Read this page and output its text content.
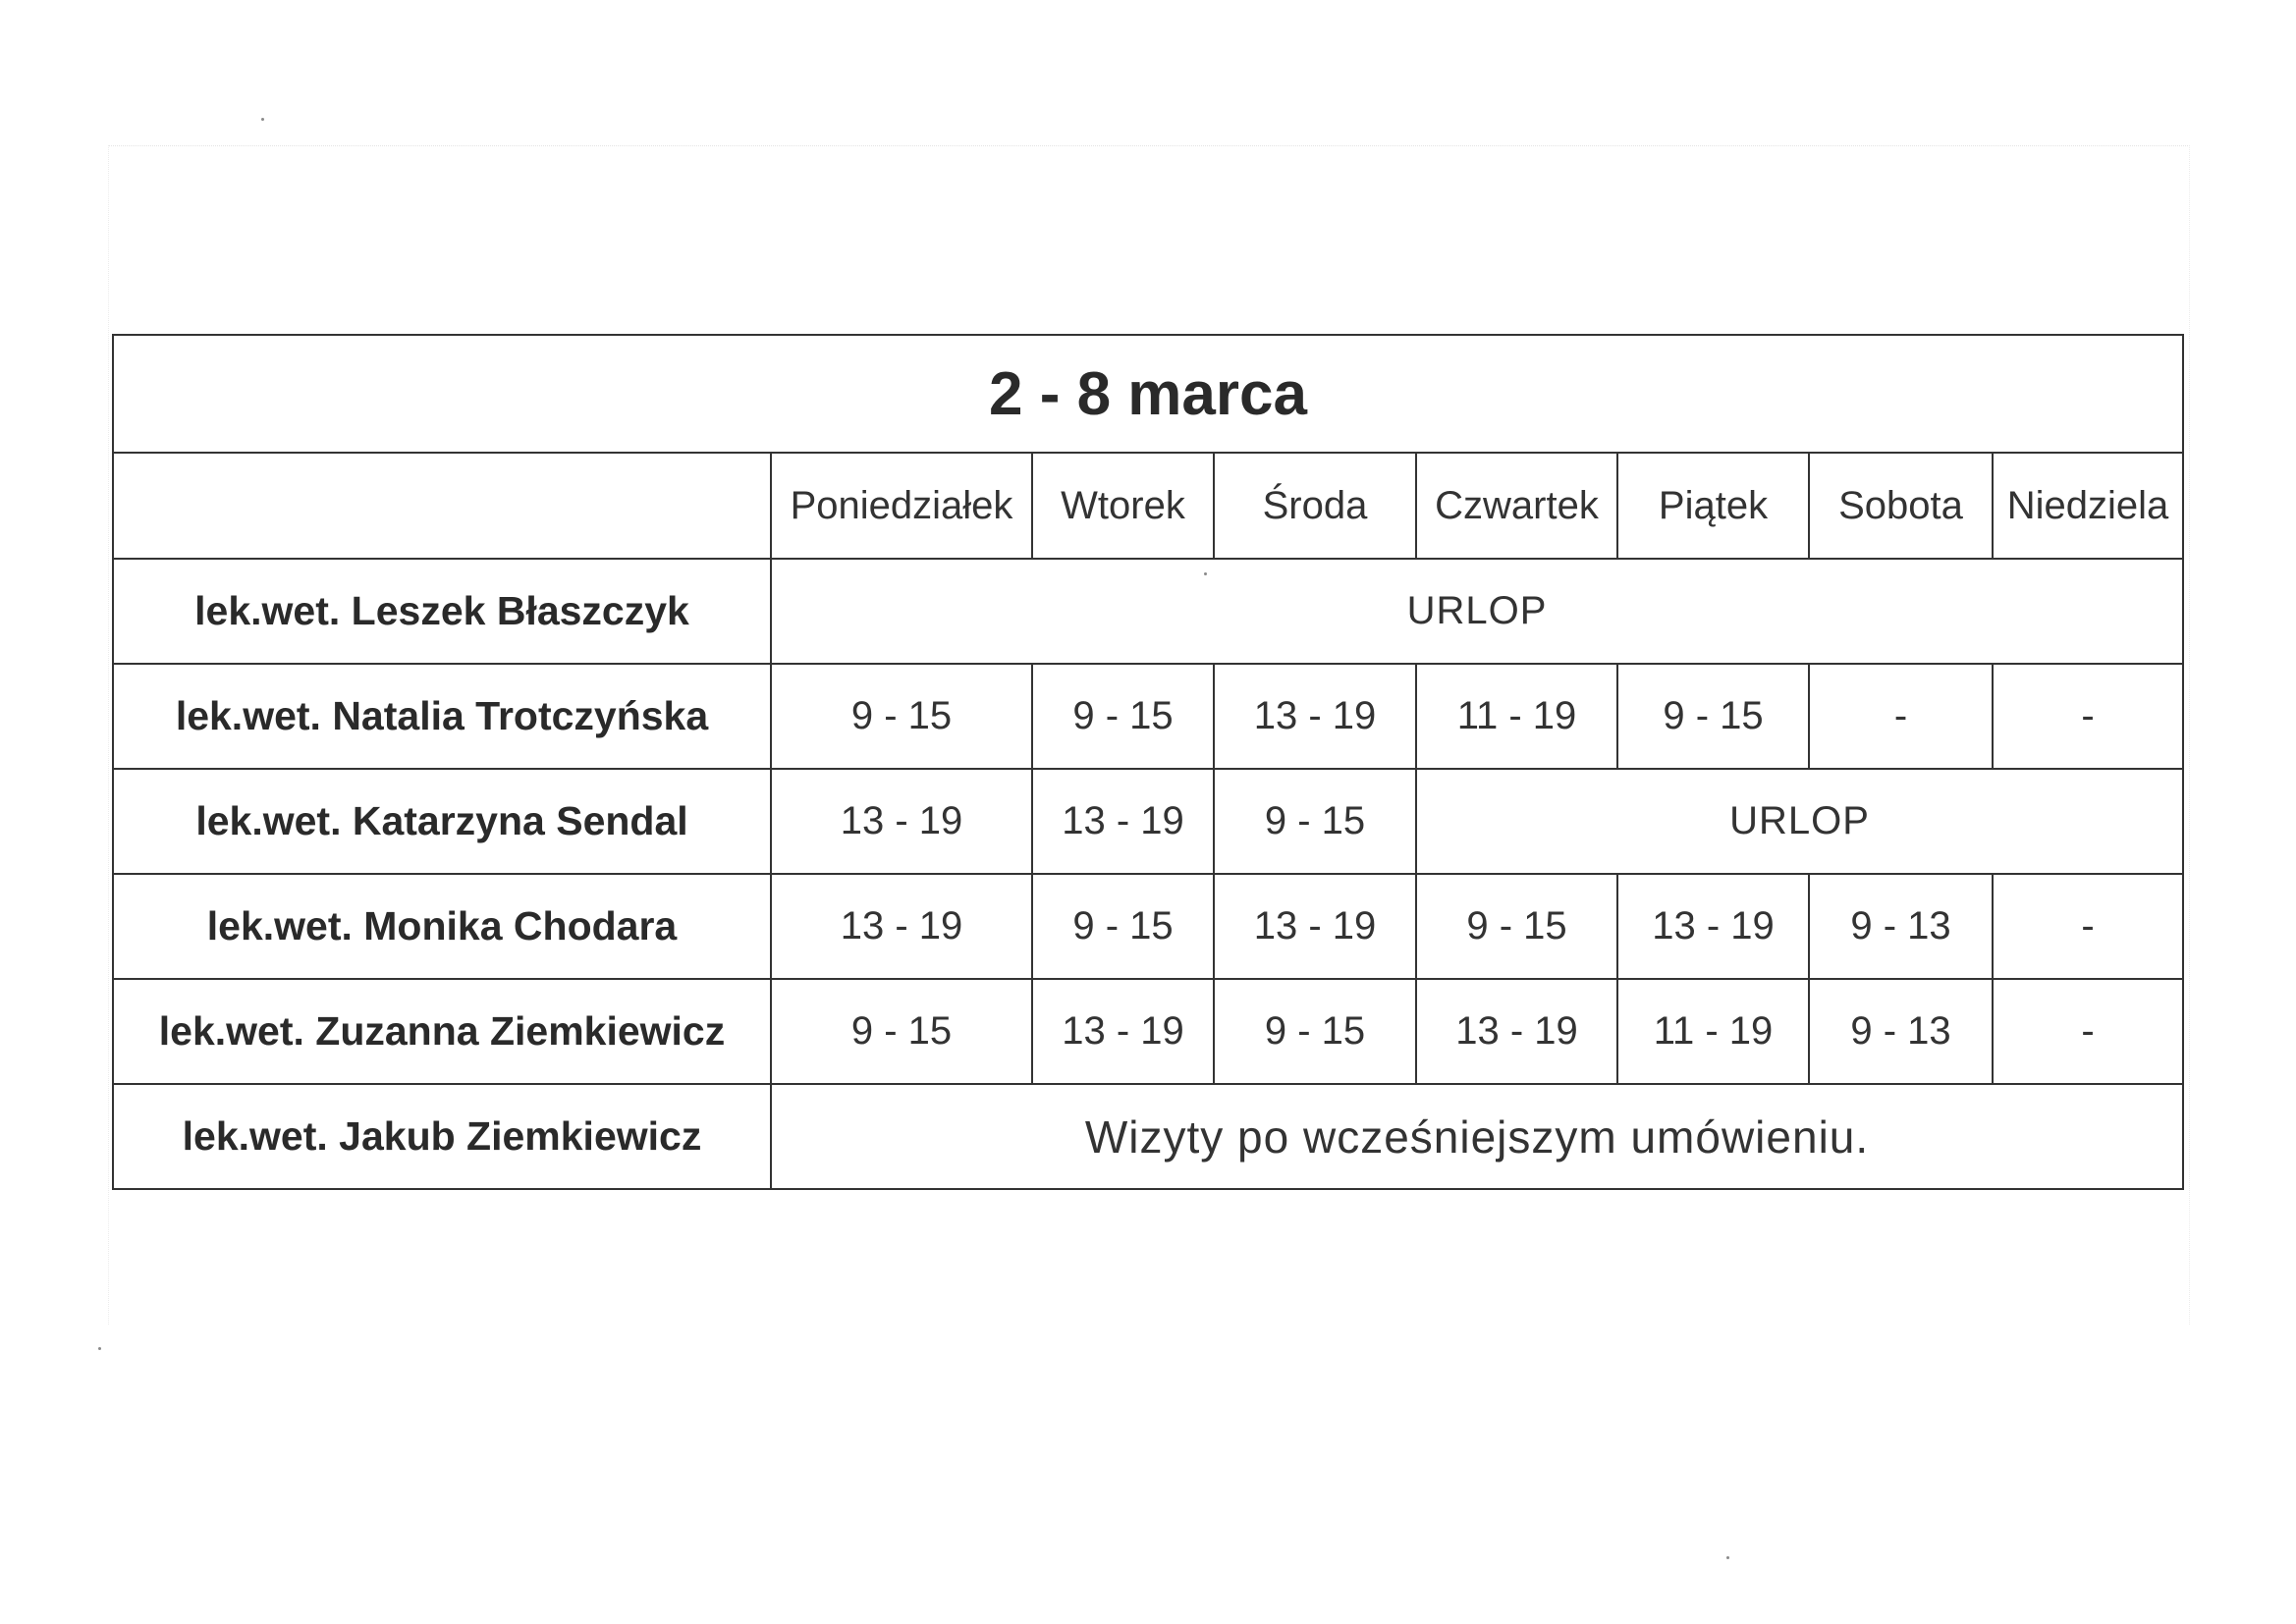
2 - 8 marca							
	Poniedziałek	Wtorek	Środa	Czwartek	Piątek	Sobota	Niedziela
lek.wet. Leszek Błaszczyk	URLOP						
lek.wet. Natalia Trotczyńska	9 - 15	9 - 15	13 - 19	11 - 19	9 - 15	-	-
lek.wet. Katarzyna Sendal	13 - 19	13 - 19	9 - 15	URLOP			
lek.wet. Monika Chodara	13 - 19	9 - 15	13 - 19	9 - 15	13 - 19	9 - 13	-
lek.wet. Zuzanna Ziemkiewicz	9 - 15	13 - 19	9 - 15	13 - 19	11 - 19	9 - 13	-
lek.wet. Jakub Ziemkiewicz	Wizyty po wcześniejszym umówieniu.						
